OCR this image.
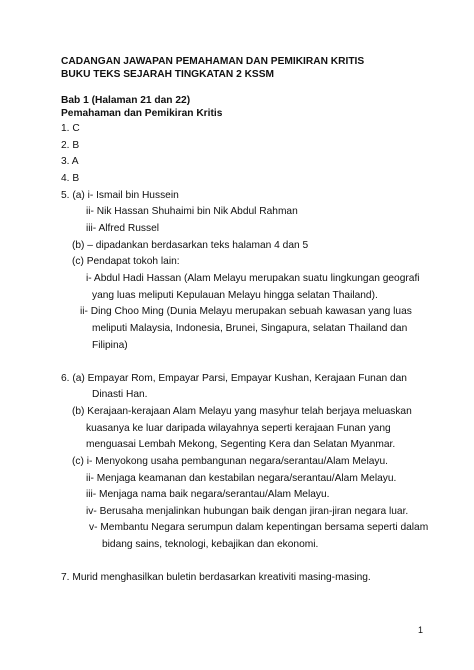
CADANGAN JAWAPAN PEMAHAMAN DAN PEMIKIRAN KRITIS
BUKU TEKS SEJARAH TINGKATAN 2 KSSM
Bab 1 (Halaman 21 dan 22)
Pemahaman dan Pemikiran Kritis
1. C
2. B
3. A
4. B
5. (a) i- Ismail bin Hussein
ii- Nik Hassan Shuhaimi bin Nik Abdul Rahman
iii- Alfred Russel
(b) – dipadankan berdasarkan teks halaman 4 dan 5
(c) Pendapat tokoh lain:
i- Abdul Hadi Hassan (Alam Melayu merupakan suatu lingkungan geografi
yang luas meliputi Kepulauan Melayu hingga selatan Thailand).
ii- Ding Choo Ming (Dunia Melayu merupakan sebuah kawasan yang luas
meliputi Malaysia, Indonesia, Brunei, Singapura, selatan Thailand dan
Filipina)
6. (a) Empayar Rom, Empayar Parsi, Empayar Kushan, Kerajaan Funan dan
Dinasti Han.
(b) Kerajaan-kerajaan Alam Melayu yang masyhur telah berjaya meluaskan
kuasanya ke luar daripada wilayahnya seperti kerajaan Funan yang
menguasai Lembah Mekong, Segenting Kera dan Selatan Myanmar.
(c) i- Menyokong usaha pembangunan negara/serantau/Alam Melayu.
ii- Menjaga keamanan dan kestabilan negara/serantau/Alam Melayu.
iii- Menjaga nama baik negara/serantau/Alam Melayu.
iv- Berusaha menjalinkan hubungan baik dengan jiran-jiran negara luar.
v- Membantu Negara serumpun dalam kepentingan bersama seperti dalam
bidang sains, teknologi, kebajikan dan ekonomi.
7. Murid menghasilkan buletin berdasarkan kreativiti masing-masing.
1
